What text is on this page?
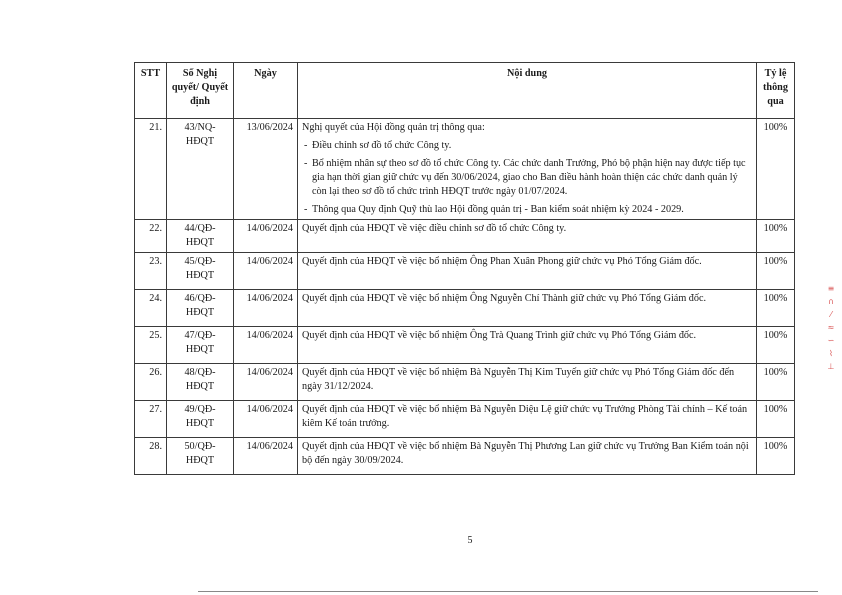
STT	Số Nghị quyết/ Quyết định	Ngày	Nội dung	Tỷ lệ thông qua
21.	43/NQ-HĐQT	13/06/2024	Nghị quyết của Hội đồng quản trị thông qua:
- Điều chỉnh sơ đồ tổ chức Công ty.
- Bổ nhiệm nhân sự theo sơ đồ tổ chức Công ty. Các chức danh Trưởng, Phó bộ phận hiện nay được tiếp tục gia hạn thời gian giữ chức vụ đến 30/06/2024, giao cho Ban điều hành hoàn thiện các chức danh quản lý còn lại theo sơ đồ tổ chức trình HĐQT trước ngày 01/07/2024.
- Thông qua Quy định Quỹ thù lao Hội đồng quản trị - Ban kiểm soát nhiệm kỳ 2024 - 2029.	100%
22.	44/QĐ-HĐQT	14/06/2024	Quyết định của HĐQT về việc điều chỉnh sơ đồ tổ chức Công ty.	100%
23.	45/QĐ-HĐQT	14/06/2024	Quyết định của HĐQT về việc bổ nhiệm Ông Phan Xuân Phong giữ chức vụ Phó Tổng Giám đốc.	100%
24.	46/QĐ-HĐQT	14/06/2024	Quyết định của HĐQT về việc bổ nhiệm Ông Nguyễn Chí Thành giữ chức vụ Phó Tổng Giám đốc.	100%
25.	47/QĐ-HĐQT	14/06/2024	Quyết định của HĐQT về việc bổ nhiệm Ông Trà Quang Trình giữ chức vụ Phó Tổng Giám đốc.	100%
26.	48/QĐ-HĐQT	14/06/2024	Quyết định của HĐQT về việc bổ nhiệm Bà Nguyễn Thị Kim Tuyến giữ chức vụ Phó Tổng Giám đốc đến ngày 31/12/2024.	100%
27.	49/QĐ-HĐQT	14/06/2024	Quyết định của HĐQT về việc bổ nhiệm Bà Nguyễn Diệu Lệ giữ chức vụ Trưởng Phòng Tài chính – Kế toán kiêm Kế toán trưởng.	100%
28.	50/QĐ-HĐQT	14/06/2024	Quyết định của HĐQT về việc bổ nhiệm Bà Nguyễn Thị Phương Lan giữ chức vụ Trưởng Ban Kiểm toán nội bộ đến ngày 30/09/2024.	100%
5
≡
∩
⁄
≈
∽
⌇
⊥
